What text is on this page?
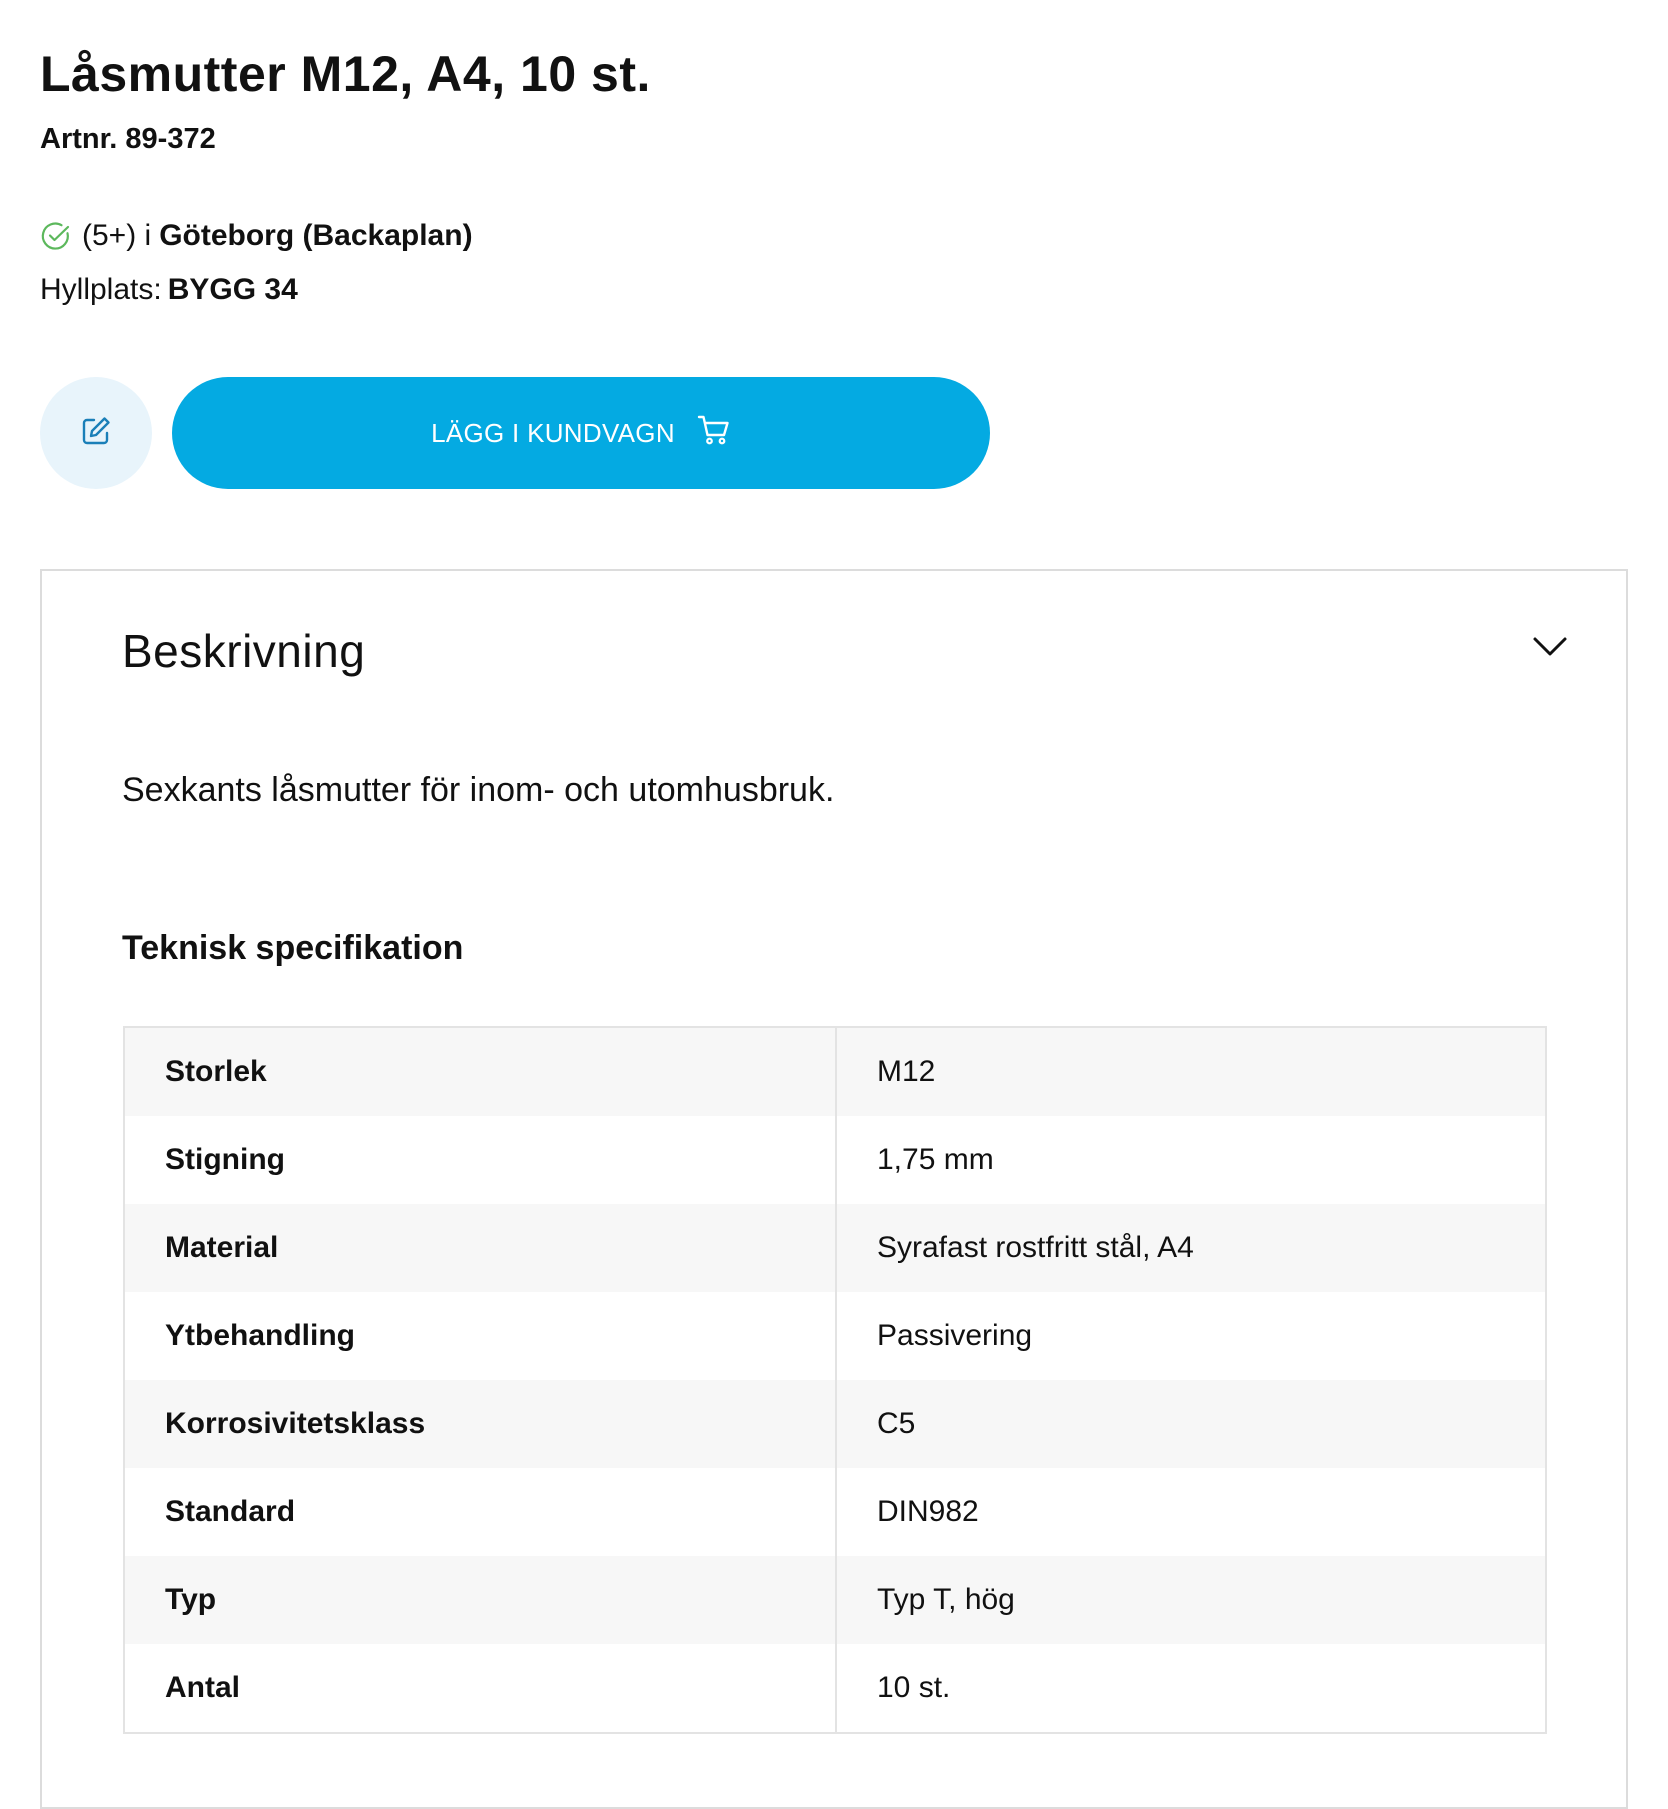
Låsmutter M12, A4, 10 st.
Artnr. 89-372
(5+) i Göteborg (Backaplan)
Hyllplats: BYGG 34
LÄGG I KUNDVAGN
Beskrivning
Sexkants låsmutter för inom- och utomhusbruk.
Teknisk specifikation
Storlek	M12
Stigning	1,75 mm
Material	Syrafast rostfritt stål, A4
Ytbehandling	Passivering
Korrosivitetsklass	C5
Standard	DIN982
Typ	Typ T, hög
Antal	10 st.
